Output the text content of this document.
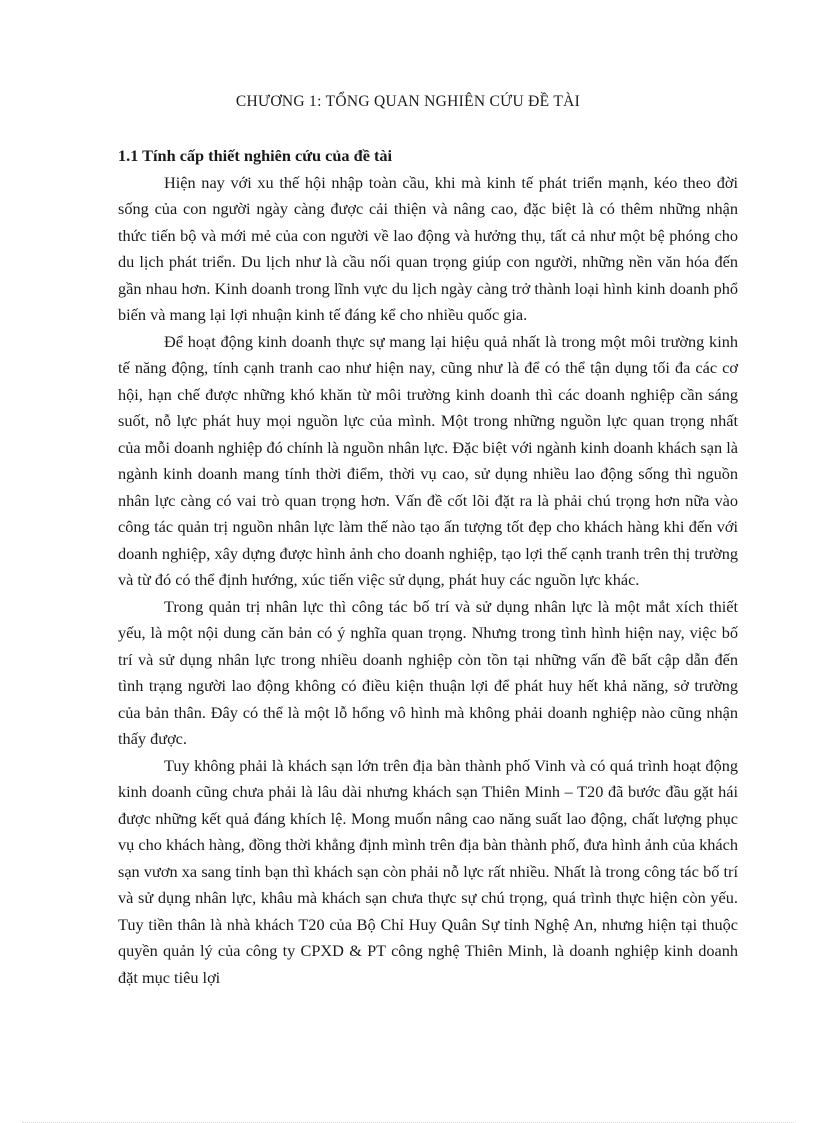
CHƯƠNG 1: TỔNG QUAN NGHIÊN CỨU ĐỀ TÀI
1.1 Tính cấp thiết nghiên cứu của đề tài

Hiện nay với xu thế hội nhập toàn cầu, khi mà kinh tế phát triển mạnh, kéo theo đời sống của con người ngày càng được cải thiện và nâng cao, đặc biệt là có thêm những nhận thức tiến bộ và mới mẻ của con người về lao động và hưởng thụ, tất cả như một bệ phóng cho du lịch phát triển. Du lịch như là cầu nối quan trọng giúp con người, những nền văn hóa đến gần nhau hơn. Kinh doanh trong lĩnh vực du lịch ngày càng trở thành loại hình kinh doanh phổ biến và mang lại lợi nhuận kinh tế đáng kể cho nhiều quốc gia.

Để hoạt động kinh doanh thực sự mang lại hiệu quả nhất là trong một môi trường kinh tế năng động, tính cạnh tranh cao như hiện nay, cũng như là để có thể tận dụng tối đa các cơ hội, hạn chế được những khó khăn từ môi trường kinh doanh thì các doanh nghiệp cần sáng suốt, nỗ lực phát huy mọi nguồn lực của mình. Một trong những nguồn lực quan trọng nhất của mỗi doanh nghiệp đó chính là nguồn nhân lực. Đặc biệt với ngành kinh doanh khách sạn là ngành kinh doanh mang tính thời điểm, thời vụ cao, sử dụng nhiều lao động sống thì nguồn nhân lực càng có vai trò quan trọng hơn. Vấn đề cốt lõi đặt ra là phải chú trọng hơn nữa vào công tác quản trị nguồn nhân lực làm thế nào tạo ấn tượng tốt đẹp cho khách hàng khi đến với doanh nghiệp, xây dựng được hình ảnh cho doanh nghiệp, tạo lợi thế cạnh tranh trên thị trường và từ đó có thể định hướng, xúc tiến việc sử dụng, phát huy các nguồn lực khác.

Trong quản trị nhân lực thì công tác bố trí và sử dụng nhân lực là một mắt xích thiết yếu, là một nội dung căn bản có ý nghĩa quan trọng. Nhưng trong tình hình hiện nay, việc bố trí và sử dụng nhân lực trong nhiều doanh nghiệp còn tồn tại những vấn đề bất cập dẫn đến tình trạng người lao động không có điều kiện thuận lợi để phát huy hết khả năng, sở trường của bản thân. Đây có thể là một lỗ hổng vô hình mà không phải doanh nghiệp nào cũng nhận thấy được.

Tuy không phải là khách sạn lớn trên địa bàn thành phố Vinh và có quá trình hoạt động kinh doanh cũng chưa phải là lâu dài nhưng khách sạn Thiên Minh – T20 đã bước đầu gặt hái được những kết quả đáng khích lệ. Mong muốn nâng cao năng suất lao động, chất lượng phục vụ cho khách hàng, đồng thời khẳng định mình trên địa bàn thành phố, đưa hình ảnh của khách sạn vươn xa sang tỉnh bạn thì khách sạn còn phải nỗ lực rất nhiều. Nhất là trong công tác bố trí và sử dụng nhân lực, khâu mà khách sạn chưa thực sự chú trọng, quá trình thực hiện còn yếu. Tuy tiền thân là nhà khách T20 của Bộ Chỉ Huy Quân Sự tỉnh Nghệ An, nhưng hiện tại thuộc quyền quản lý của công ty CPXD & PT công nghệ Thiên Minh, là doanh nghiệp kinh doanh đặt mục tiêu lợi
